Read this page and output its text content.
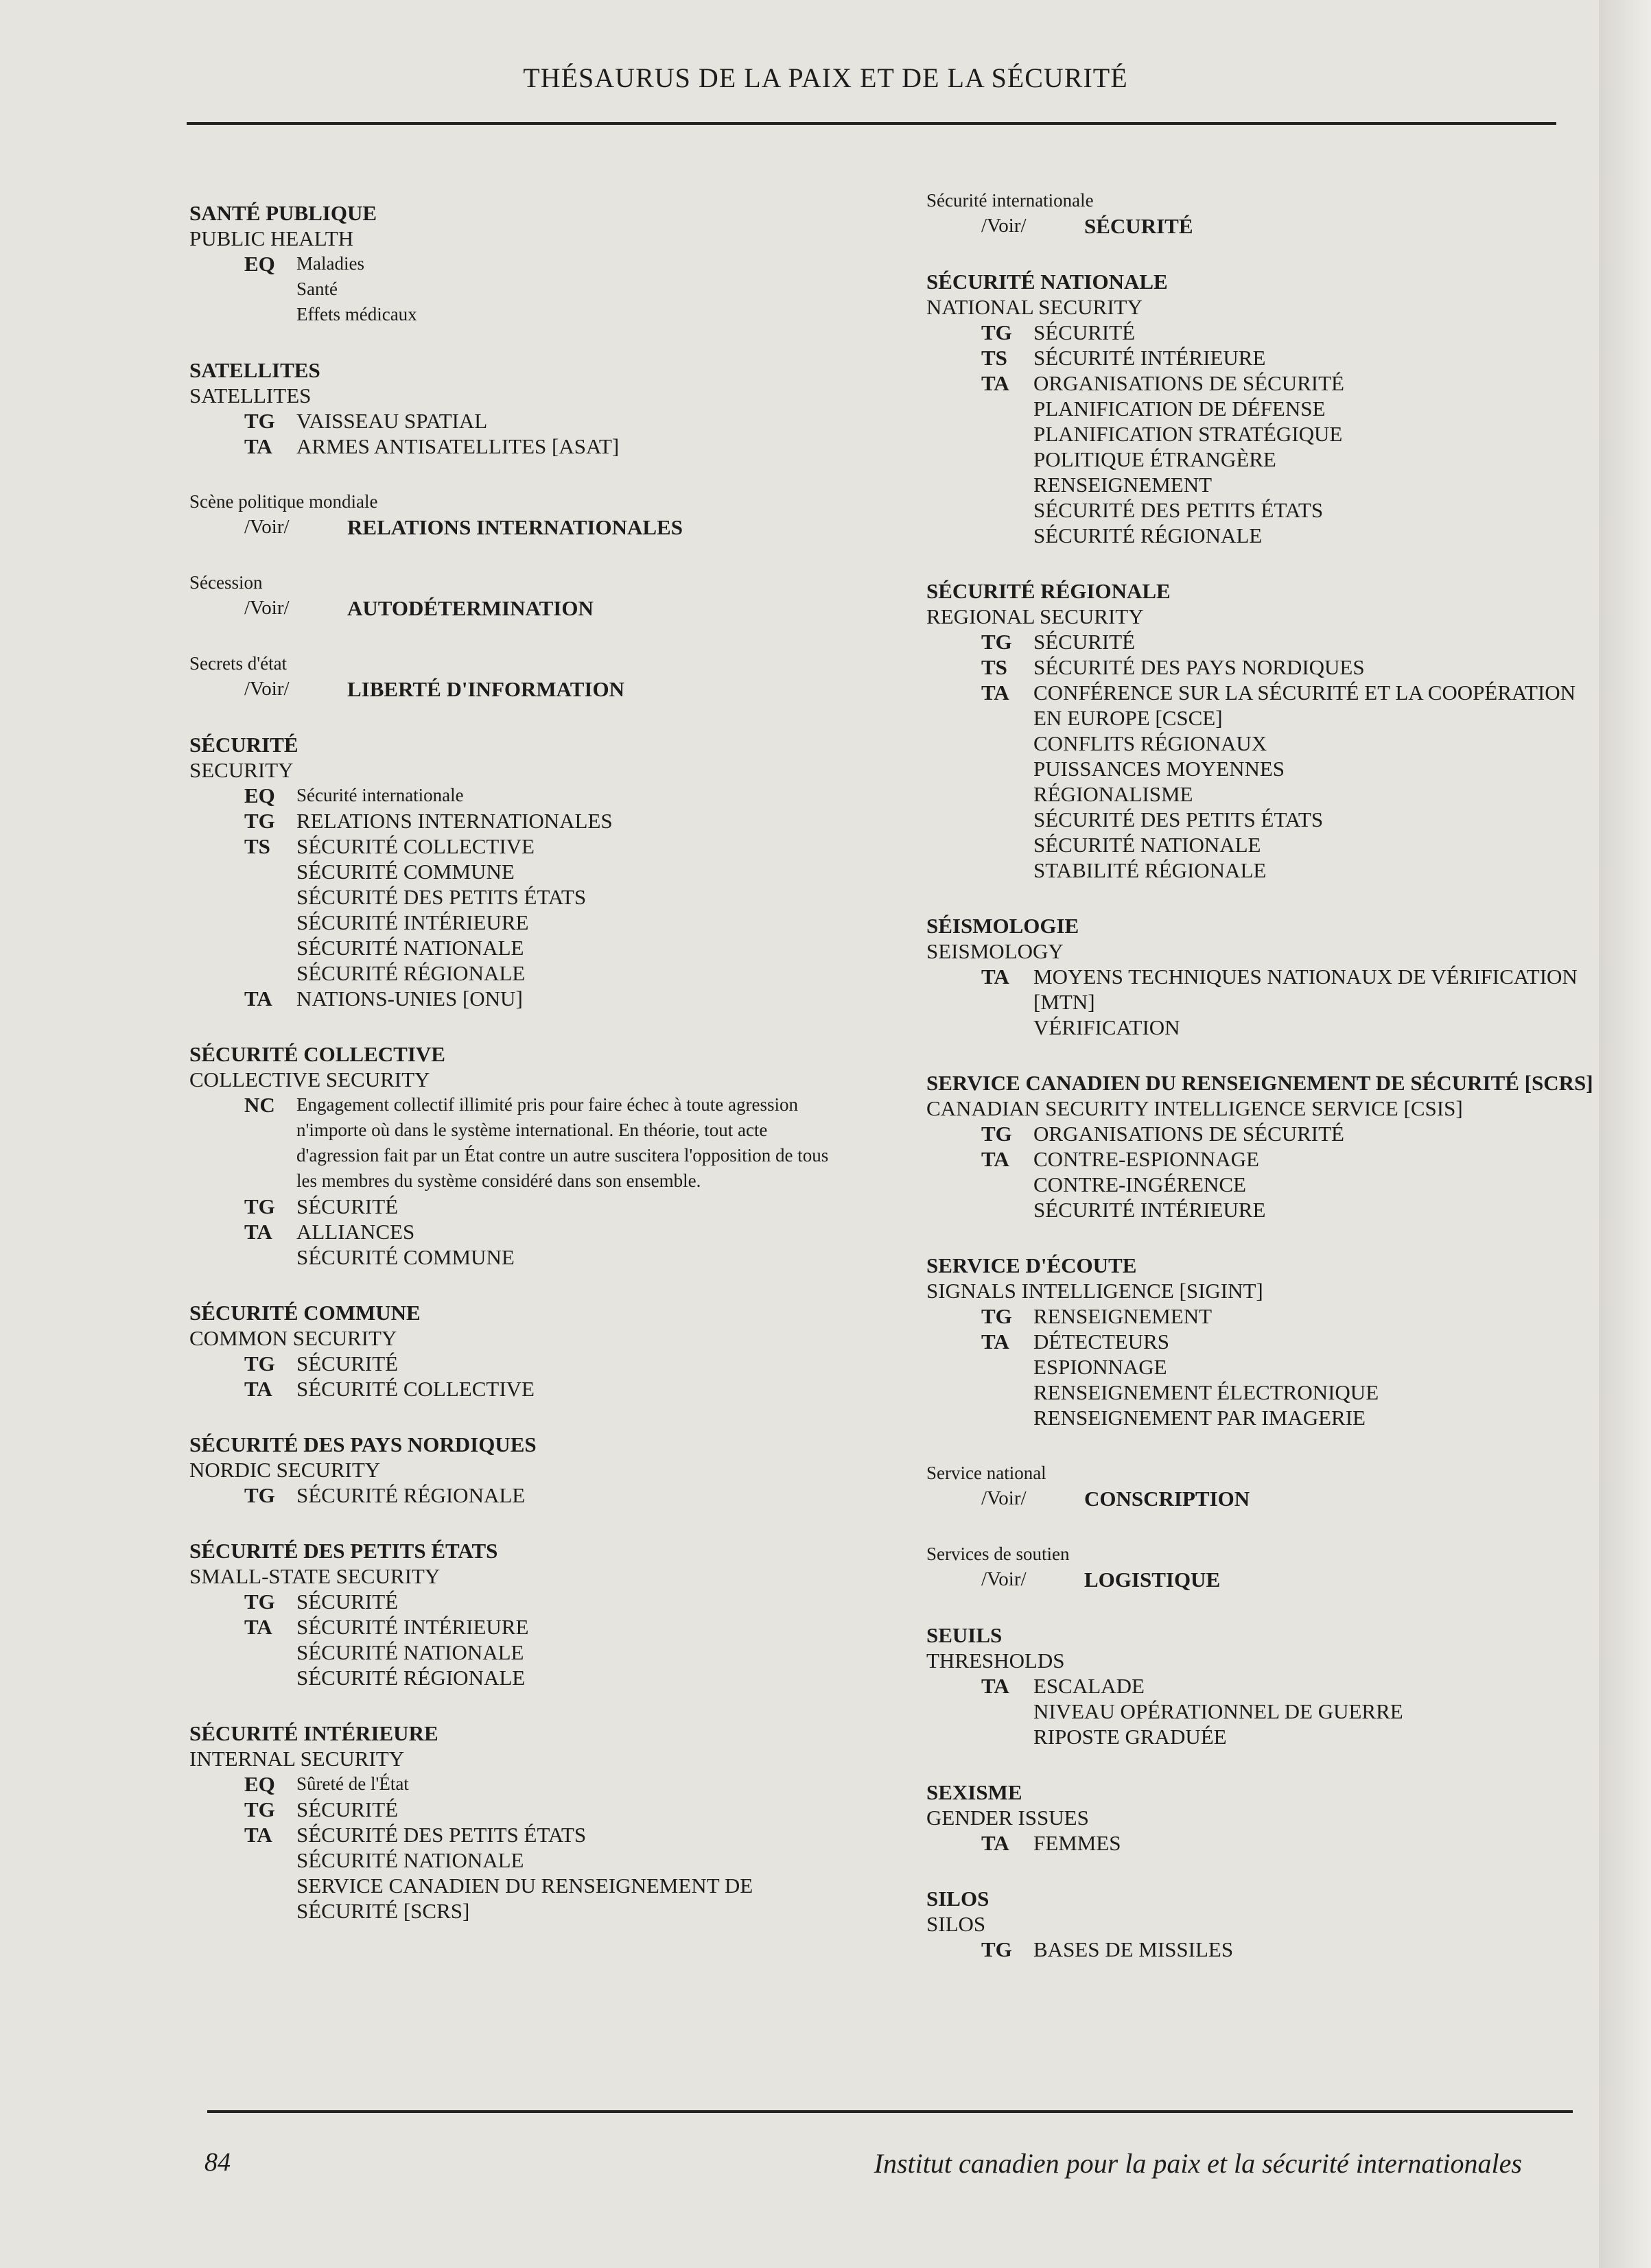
THÉSAURUS DE LA PAIX ET DE LA SÉCURITÉ
SANTÉ PUBLIQUE
PUBLIC HEALTH
EQ	Maladies
Santé
Effets médicaux
SATELLITES
SATELLITES
TG	VAISSEAU SPATIAL
TA	ARMES ANTISATELLITES [ASAT]
Scène politique mondiale
/Voir/	RELATIONS INTERNATIONALES
Sécession
/Voir/	AUTODÉTERMINATION
Secrets d'état
/Voir/	LIBERTÉ D'INFORMATION
SÉCURITÉ
SECURITY
EQ	Sécurité internationale
TG	RELATIONS INTERNATIONALES
TS	SÉCURITÉ COLLECTIVE
SÉCURITÉ COMMUNE
SÉCURITÉ DES PETITS ÉTATS
SÉCURITÉ INTÉRIEURE
SÉCURITÉ NATIONALE
SÉCURITÉ RÉGIONALE
TA	NATIONS-UNIES [ONU]
SÉCURITÉ COLLECTIVE
COLLECTIVE SECURITY
NC	Engagement collectif illimité pris pour faire échec à toute agression n'importe où dans le système international. En théorie, tout acte d'agression fait par un État contre un autre suscitera l'opposition de tous les membres du système considéré dans son ensemble.
TG	SÉCURITÉ
TA	ALLIANCES
SÉCURITÉ COMMUNE
SÉCURITÉ COMMUNE
COMMON SECURITY
TG	SÉCURITÉ
TA	SÉCURITÉ COLLECTIVE
SÉCURITÉ DES PAYS NORDIQUES
NORDIC SECURITY
TG	SÉCURITÉ RÉGIONALE
SÉCURITÉ DES PETITS ÉTATS
SMALL-STATE SECURITY
TG	SÉCURITÉ
TA	SÉCURITÉ INTÉRIEURE
SÉCURITÉ NATIONALE
SÉCURITÉ RÉGIONALE
SÉCURITÉ INTÉRIEURE
INTERNAL SECURITY
EQ	Sûreté de l'État
TG	SÉCURITÉ
TA	SÉCURITÉ DES PETITS ÉTATS
SÉCURITÉ NATIONALE
SERVICE CANADIEN DU RENSEIGNEMENT DE SÉCURITÉ [SCRS]
Sécurité internationale
/Voir/	SÉCURITÉ
SÉCURITÉ NATIONALE
NATIONAL SECURITY
TG	SÉCURITÉ
TS	SÉCURITÉ INTÉRIEURE
TA	ORGANISATIONS DE SÉCURITÉ
PLANIFICATION DE DÉFENSE
PLANIFICATION STRATÉGIQUE
POLITIQUE ÉTRANGÈRE
RENSEIGNEMENT
SÉCURITÉ DES PETITS ÉTATS
SÉCURITÉ RÉGIONALE
SÉCURITÉ RÉGIONALE
REGIONAL SECURITY
TG	SÉCURITÉ
TS	SÉCURITÉ DES PAYS NORDIQUES
TA	CONFÉRENCE SUR LA SÉCURITÉ ET LA COOPÉRATION EN EUROPE [CSCE]
CONFLITS RÉGIONAUX
PUISSANCES MOYENNES
RÉGIONALISME
SÉCURITÉ DES PETITS ÉTATS
SÉCURITÉ NATIONALE
STABILITÉ RÉGIONALE
SÉISMOLOGIE
SEISMOLOGY
TA	MOYENS TECHNIQUES NATIONAUX DE VÉRIFICATION [MTN]
VÉRIFICATION
SERVICE CANADIEN DU RENSEIGNEMENT DE SÉCURITÉ [SCRS]
CANADIAN SECURITY INTELLIGENCE SERVICE [CSIS]
TG	ORGANISATIONS DE SÉCURITÉ
TA	CONTRE-ESPIONNAGE
CONTRE-INGÉRENCE
SÉCURITÉ INTÉRIEURE
SERVICE D'ÉCOUTE
SIGNALS INTELLIGENCE [SIGINT]
TG	RENSEIGNEMENT
TA	DÉTECTEURS
ESPIONNAGE
RENSEIGNEMENT ÉLECTRONIQUE
RENSEIGNEMENT PAR IMAGERIE
Service national
/Voir/	CONSCRIPTION
Services de soutien
/Voir/	LOGISTIQUE
SEUILS
THRESHOLDS
TA	ESCALADE
NIVEAU OPÉRATIONNEL DE GUERRE
RIPOSTE GRADUÉE
SEXISME
GENDER ISSUES
TA	FEMMES
SILOS
SILOS
TG	BASES DE MISSILES
84	Institut canadien pour la paix et la sécurité internationales
